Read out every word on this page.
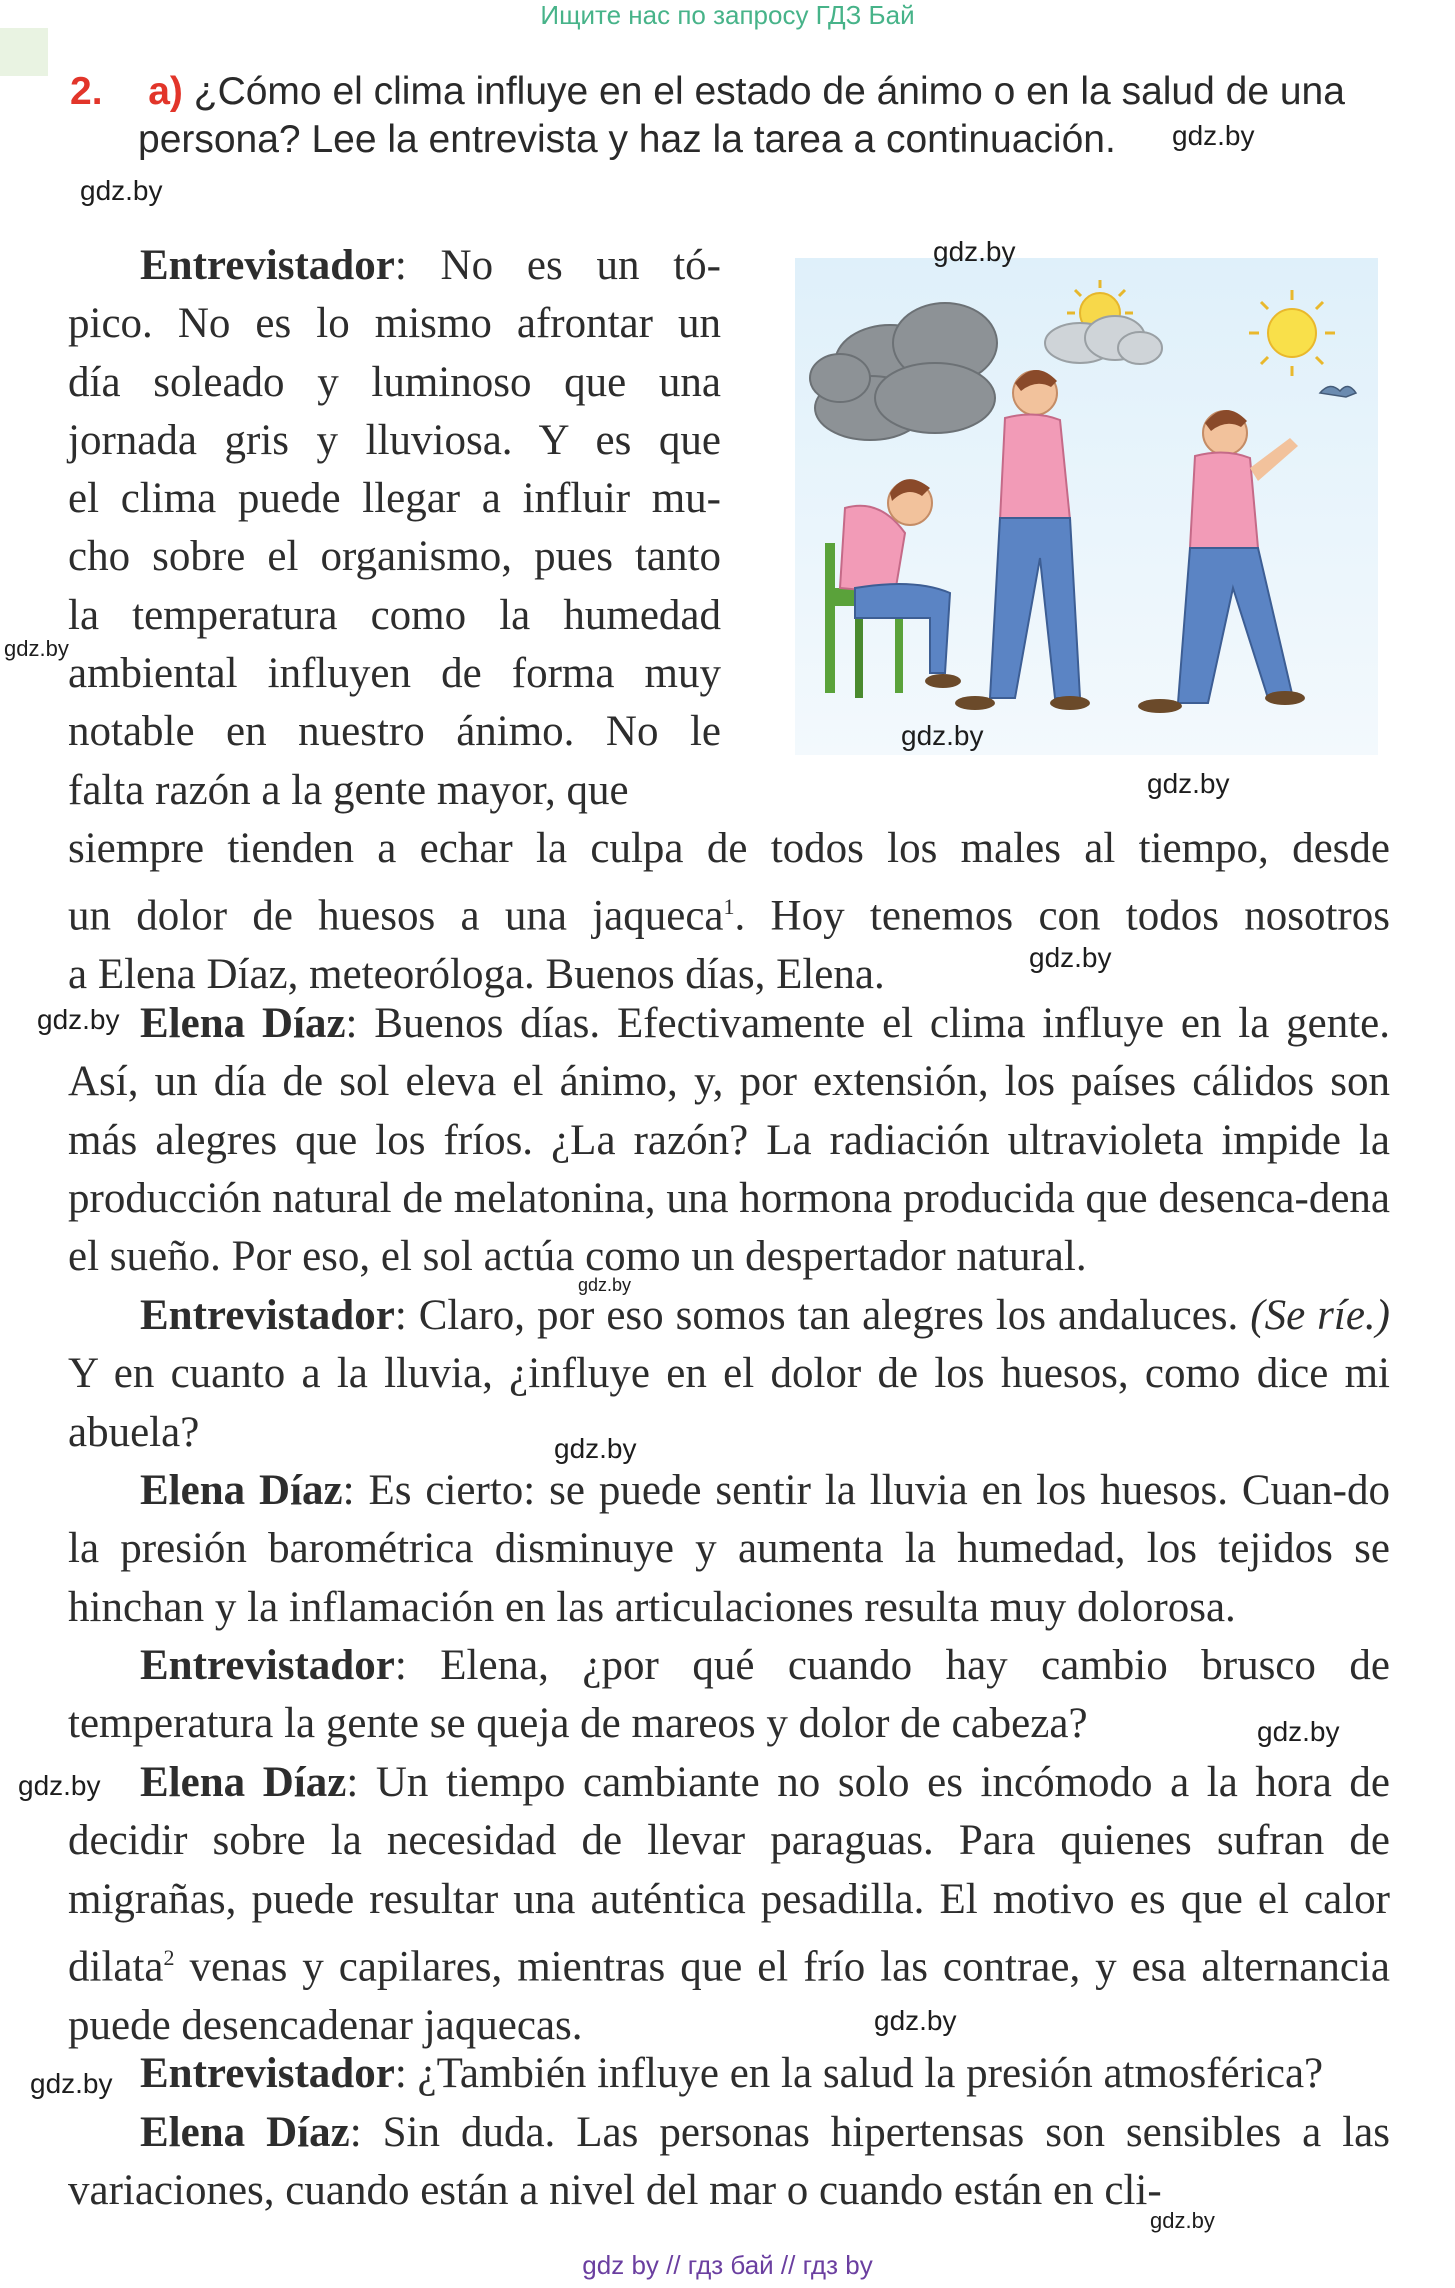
Ищите нас по запросу ГДЗ Бай
2. a) ¿Cómo el clima influye en el estado de ánimo o en la salud de una
persona? Lee la entrevista y haz la tarea a continuación. gdz.by
gdz.by
gdz.by
gdz.by
gdz.by
gdz.by
gdz.by
gdz.by
gdz.by
gdz.by
gdz.by
gdz.by
gdz.by
gdz.by
gdz.by
Entrevistador: No es un tó-
pico. No es lo mismo afrontar un
día soleado y luminoso que una
jornada gris y lluviosa. Y es que
el clima puede llegar a influir mu-
cho sobre el organismo, pues tanto
la temperatura como la humedad
ambiental influyen de forma muy
notable en nuestro ánimo. No le
falta razón a la gente mayor, que
siempre tienden a echar la culpa de todos los males al tiempo, desde
un dolor de huesos a una jaqueca$^1$. Hoy tenemos con todos nosotros
a Elena Díaz, meteoróloga. Buenos días, Elena.
Elena Díaz: Buenos días. Efectivamente el clima influye en la gente. Así, un día de sol eleva el ánimo, y, por extensión, los países cálidos son más alegres que los fríos. ¿La razón? La radiación ultravioleta impide la producción natural de melatonina, una hormona producida que desenca-dena el sueño. Por eso, el sol actúa como un despertador natural.
Entrevistador: Claro, por eso somos tan alegres los andaluces. (Se ríe.) Y en cuanto a la lluvia, ¿influye en el dolor de los huesos, como dice mi abuela?
Elena Díaz: Es cierto: se puede sentir la lluvia en los huesos. Cuan-do la presión barométrica disminuye y aumenta la humedad, los tejidos se hinchan y la inflamación en las articulaciones resulta muy dolorosa.
Entrevistador: Elena, ¿por qué cuando hay cambio brusco de temperatura la gente se queja de mareos y dolor de cabeza?
Elena Díaz: Un tiempo cambiante no solo es incómodo a la hora de decidir sobre la necesidad de llevar paraguas. Para quienes sufran de migrañas, puede resultar una auténtica pesadilla. El motivo es que el calor dilata$^2$ venas y capilares, mientras que el frío las contrae, y esa alternancia puede desencadenar jaquecas.
Entrevistador: ¿También influye en la salud la presión atmosférica?
Elena Díaz: Sin duda. Las personas hipertensas son sensibles a las variaciones, cuando están a nivel del mar o cuando están en cli-
gdz by // гдз бай // гдз by
